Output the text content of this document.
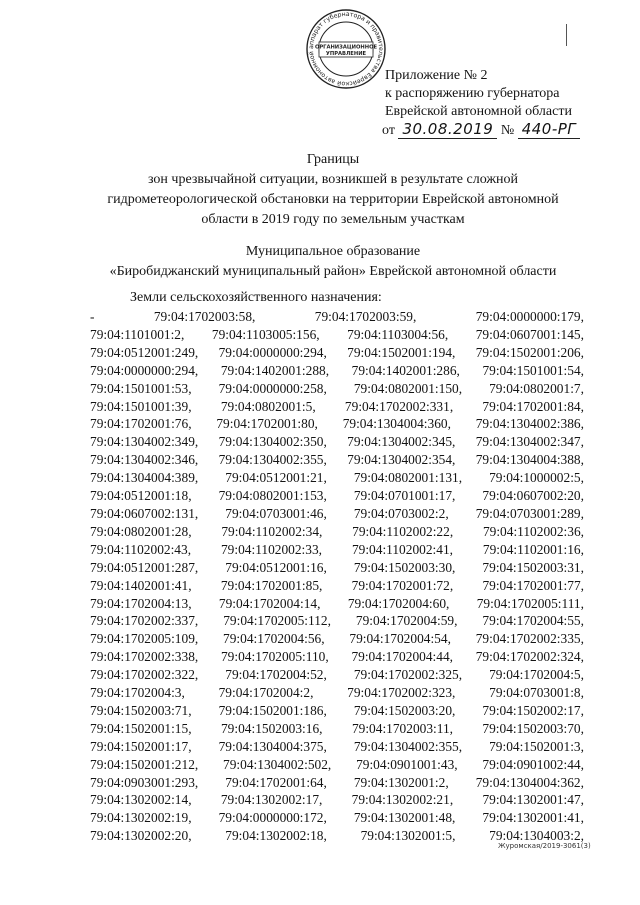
аппарат губернатора и правительства Еврейской автономной
ОРГАНИЗАЦИОННОЕ
УПРАВЛЕНИЕ
Приложение № 2
к распоряжению губернатора
Еврейской автономной области
от 30.08.2019 № 440-РГ
Границы
зон чрезвычайной ситуации, возникшей в результате сложной
гидрометеорологической обстановки на территории Еврейской автономной
области в 2019 году по земельным участкам
Муниципальное образование
«Биробиджанский муниципальный район» Еврейской автономной области
Земли сельскохозяйственного назначения:
-	79:04:1702003:58,	79:04:1702003:59,	79:04:0000000:179,
79:04:1101001:2, 79:04:1103005:156, 79:04:1103004:56, 79:04:0607001:145,
79:04:0512001:249, 79:04:0000000:294, 79:04:1502001:194, 79:04:1502001:206,
79:04:0000000:294, 79:04:1402001:288, 79:04:1402001:286, 79:04:1501001:54,
79:04:1501001:53, 79:04:0000000:258, 79:04:0802001:150, 79:04:0802001:7,
79:04:1501001:39, 79:04:0802001:5, 79:04:1702002:331, 79:04:1702001:84,
79:04:1702001:76, 79:04:1702001:80, 79:04:1304004:360, 79:04:1304002:386,
79:04:1304002:349, 79:04:1304002:350, 79:04:1304002:345, 79:04:1304002:347,
79:04:1304002:346, 79:04:1304002:355, 79:04:1304002:354, 79:04:1304004:388,
79:04:1304004:389, 79:04:0512001:21, 79:04:0802001:131, 79:04:1000002:5,
79:04:0512001:18, 79:04:0802001:153, 79:04:0701001:17, 79:04:0607002:20,
79:04:0607002:131, 79:04:0703001:46, 79:04:0703002:2, 79:04:0703001:289,
79:04:0802001:28, 79:04:1102002:34, 79:04:1102002:22, 79:04:1102002:36,
79:04:1102002:43, 79:04:1102002:33, 79:04:1102002:41, 79:04:1102001:16,
79:04:0512001:287, 79:04:0512001:16, 79:04:1502003:30, 79:04:1502003:31,
79:04:1402001:41, 79:04:1702001:85, 79:04:1702001:72, 79:04:1702001:77,
79:04:1702004:13, 79:04:1702004:14, 79:04:1702004:60, 79:04:1702005:111,
79:04:1702002:337, 79:04:1702005:112, 79:04:1702004:59, 79:04:1702004:55,
79:04:1702005:109, 79:04:1702004:56, 79:04:1702004:54, 79:04:1702002:335,
79:04:1702002:338, 79:04:1702005:110, 79:04:1702004:44, 79:04:1702002:324,
79:04:1702002:322, 79:04:1702004:52, 79:04:1702002:325, 79:04:1702004:5,
79:04:1702004:3,	79:04:1702004:2,	79:04:1702002:323,	79:04:0703001:8,
79:04:1502003:71, 79:04:1502001:186, 79:04:1502003:20, 79:04:1502002:17,
79:04:1502001:15, 79:04:1502003:16, 79:04:1702003:11, 79:04:1502003:70,
79:04:1502001:17, 79:04:1304004:375, 79:04:1304002:355, 79:04:1502001:3,
79:04:1502001:212, 79:04:1304002:502, 79:04:0901001:43, 79:04:0901002:44,
79:04:0903001:293, 79:04:1702001:64, 79:04:1302001:2, 79:04:1304004:362,
79:04:1302002:14, 79:04:1302002:17, 79:04:1302002:21, 79:04:1302001:47,
79:04:1302002:19, 79:04:0000000:172, 79:04:1302001:48, 79:04:1302001:41,
79:04:1302002:20,	79:04:1302002:18,	79:04:1302001:5,	79:04:1304003:2,
Журомская/2019-3061(3)
